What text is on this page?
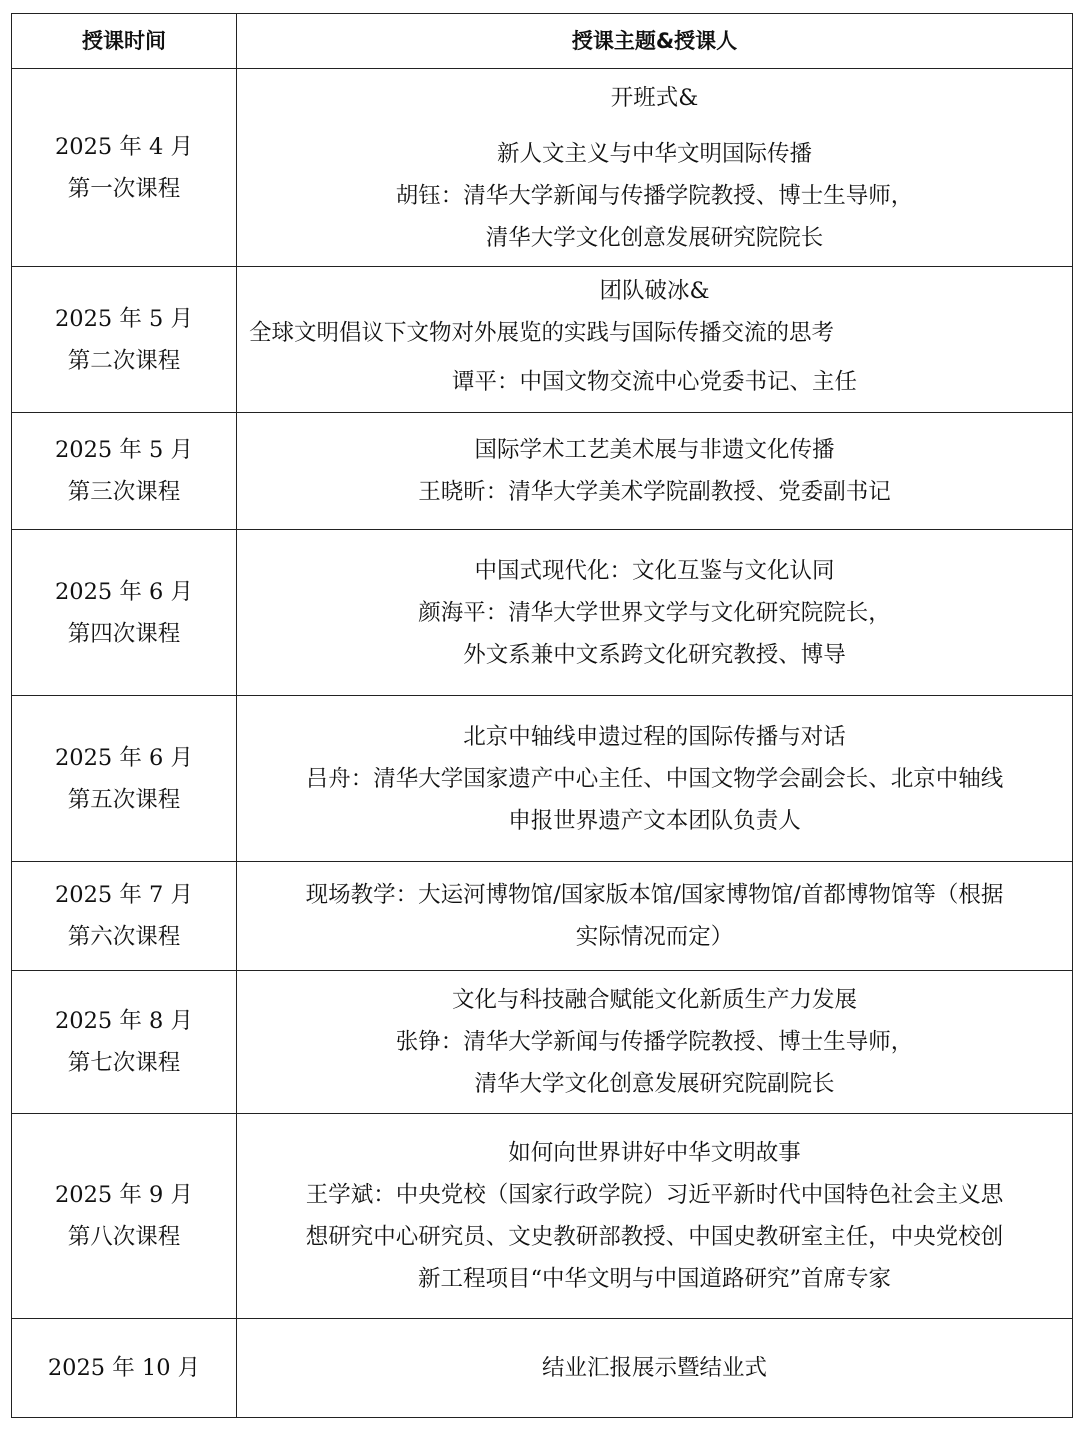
授课时间	授课主题&授课人

2025 年 4 月
第一次课程	开班式&
新人文主义与中华文明国际传播
胡钰：清华大学新闻与传播学院教授、博士生导师，
清华大学文化创意发展研究院院长

2025 年 5 月
第二次课程	团队破冰&
全球文明倡议下文物对外展览的实践与国际传播交流的思考
谭平：中国文物交流中心党委书记、主任

2025 年 5 月
第三次课程	国际学术工艺美术展与非遗文化传播
王晓昕：清华大学美术学院副教授、党委副书记

2025 年 6 月
第四次课程	中国式现代化：文化互鉴与文化认同
颜海平：清华大学世界文学与文化研究院院长，
外文系兼中文系跨文化研究教授、博导

2025 年 6 月
第五次课程	北京中轴线申遗过程的国际传播与对话
吕舟：清华大学国家遗产中心主任、中国文物学会副会长、北京中轴线
申报世界遗产文本团队负责人

2025 年 7 月
第六次课程	现场教学：大运河博物馆/国家版本馆/国家博物馆/首都博物馆等（根据
实际情况而定）

2025 年 8 月
第七次课程	文化与科技融合赋能文化新质生产力发展
张铮：清华大学新闻与传播学院教授、博士生导师，
清华大学文化创意发展研究院副院长

2025 年 9 月
第八次课程	如何向世界讲好中华文明故事
王学斌：中央党校（国家行政学院）习近平新时代中国特色社会主义思
想研究中心研究员、文史教研部教授、中国史教研室主任，中央党校创
新工程项目“中华文明与中国道路研究”首席专家

2025 年 10 月	结业汇报展示暨结业式
